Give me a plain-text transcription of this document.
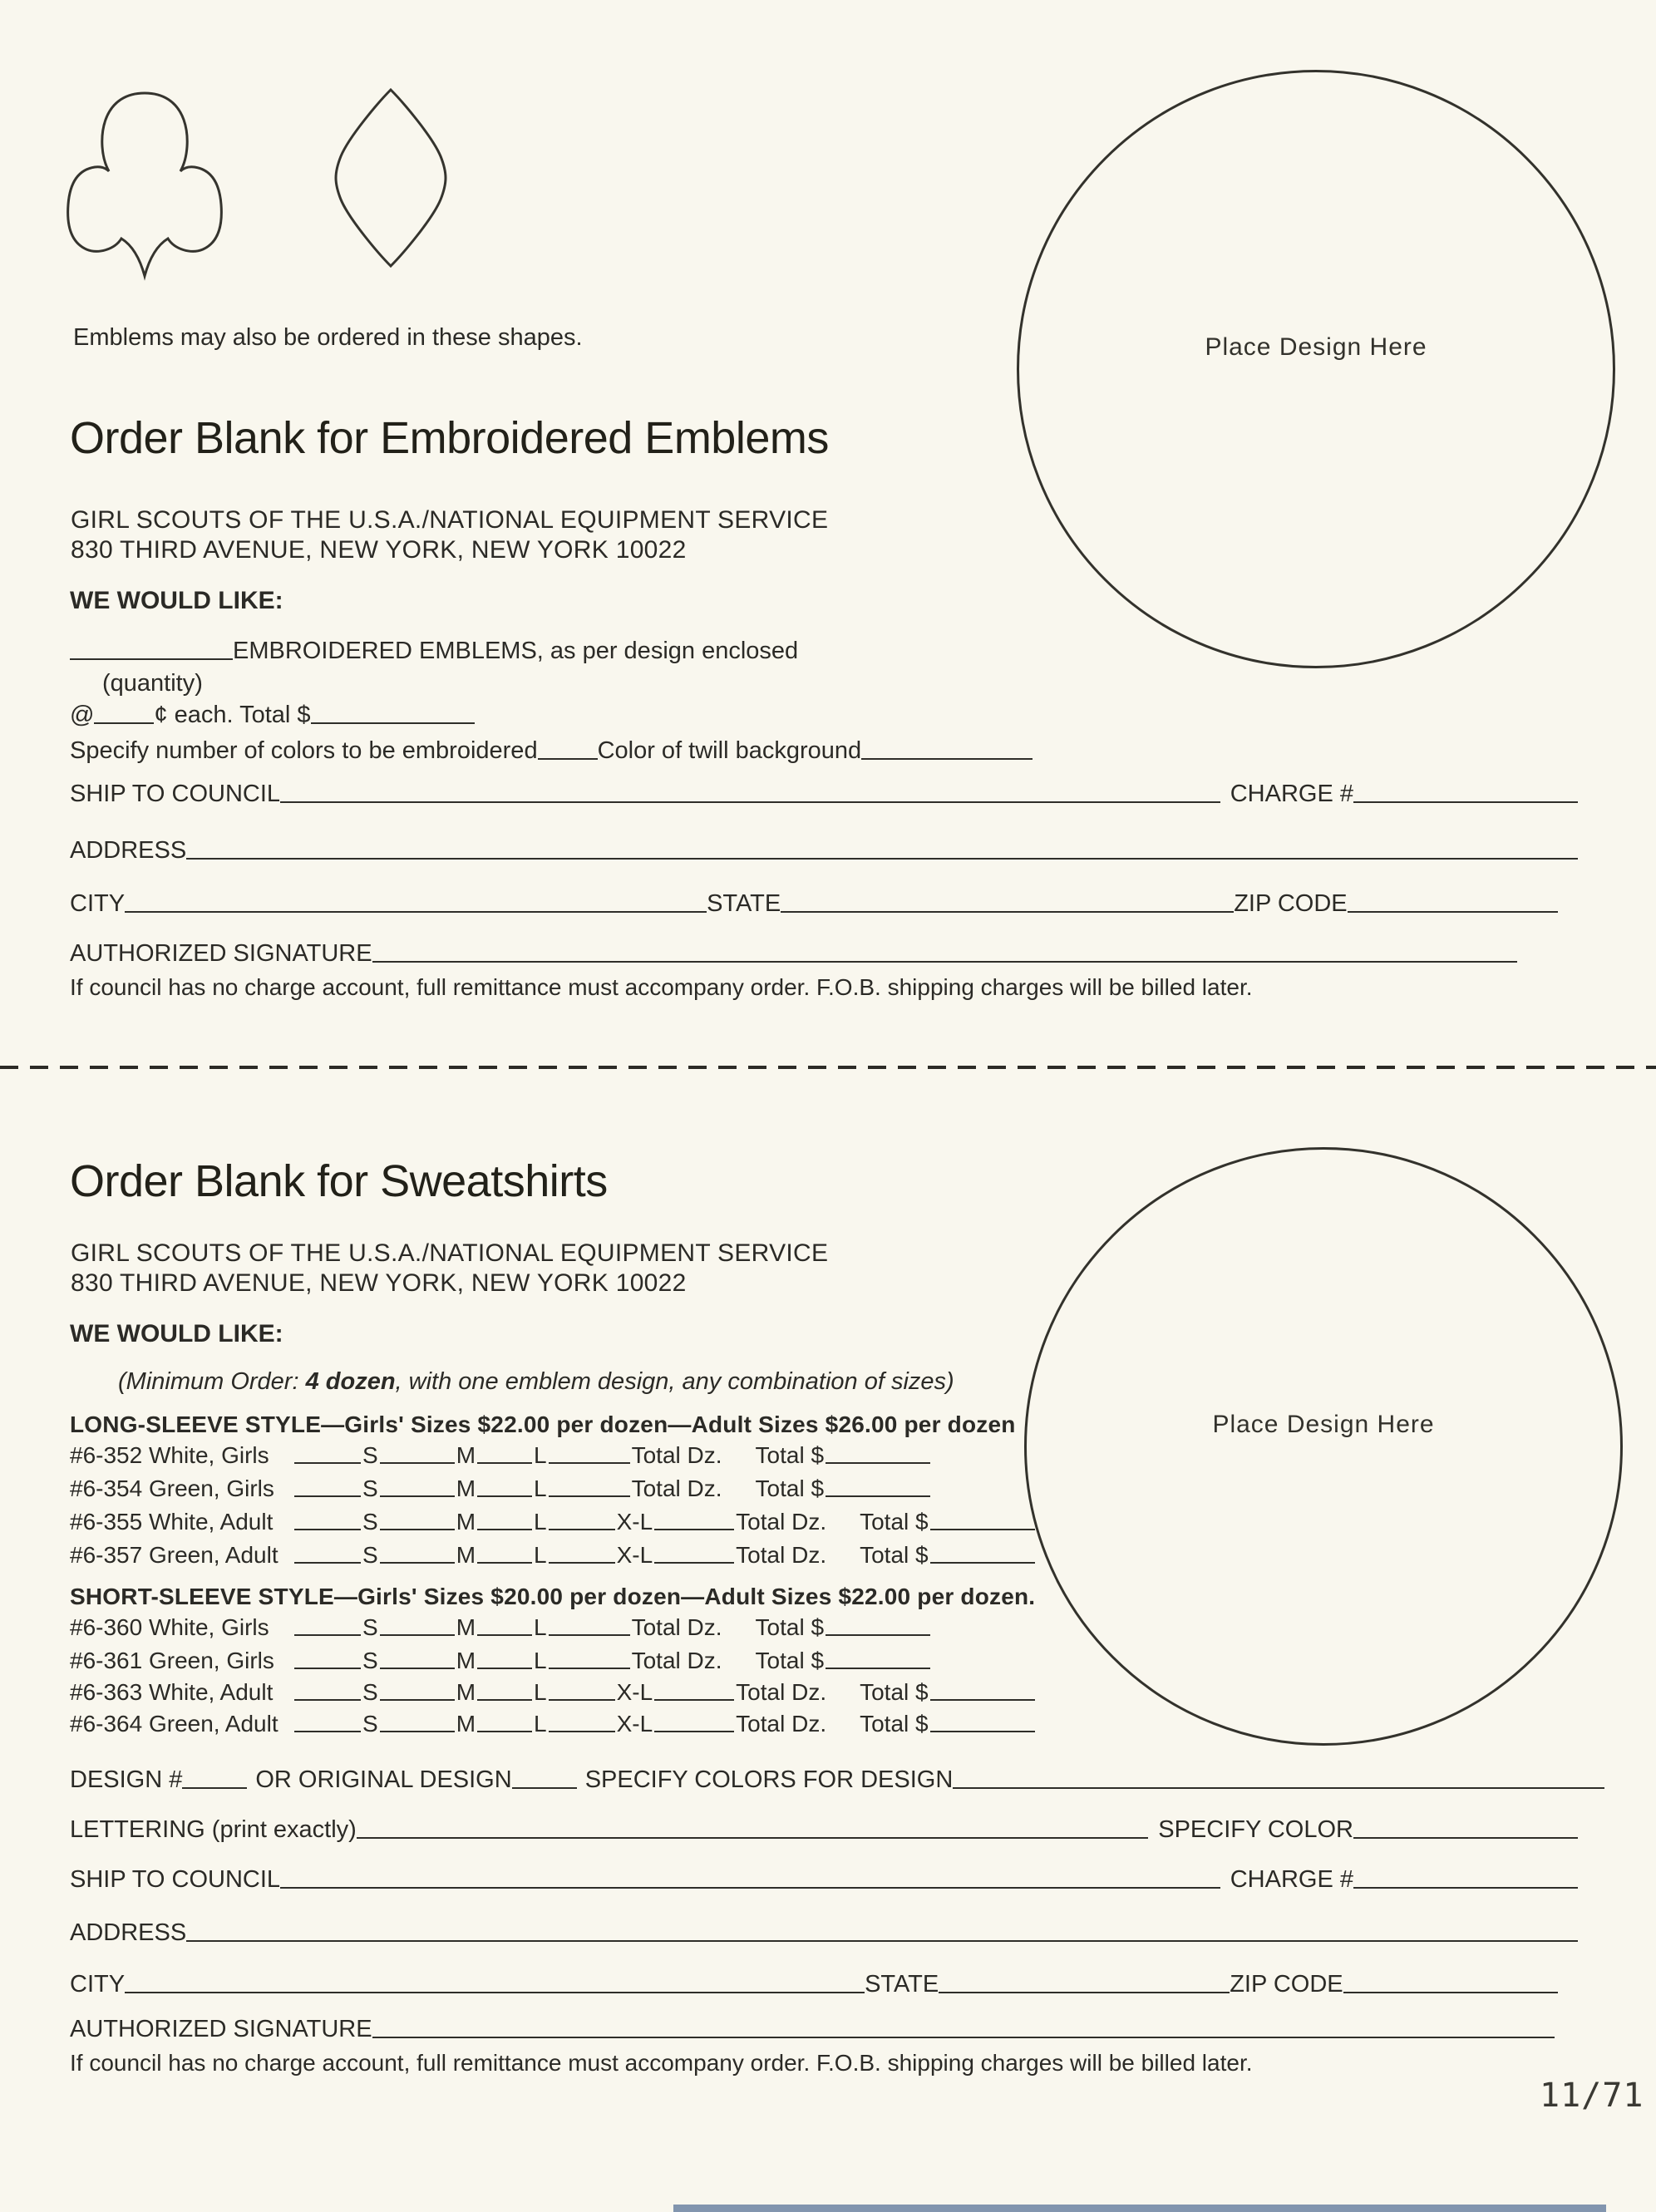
Emblems may also be ordered in these shapes.	Place Design Here
Order Blank for Embroidered Emblems
GIRL SCOUTS OF THE U.S.A./NATIONAL EQUIPMENT SERVICE
830 THIRD AVENUE, NEW YORK, NEW YORK 10022
WE WOULD LIKE:
EMBROIDERED EMBLEMS, as per design enclosed
(quantity)
@ ¢ each. Total $
Specify number of colors to be embroidered Color of twill background
SHIP TO COUNCIL	CHARGE #
ADDRESS
CITY	STATE	ZIP CODE
AUTHORIZED SIGNATURE
If council has no charge account, full remittance must accompany order. F.O.B. shipping charges will be billed later.
Order Blank for Sweatshirts
GIRL SCOUTS OF THE U.S.A./NATIONAL EQUIPMENT SERVICE
830 THIRD AVENUE, NEW YORK, NEW YORK 10022
WE WOULD LIKE:
(Minimum Order: 4 dozen, with one emblem design, any combination of sizes)
Place Design Here
LONG-SLEEVE STYLE—Girls' Sizes $22.00 per dozen—Adult Sizes $26.00 per dozen
#6-352 White, Girls	S	M	L	Total Dz. Total $
#6-354 Green, Girls	S	M	L	Total Dz. Total $
#6-355 White, Adult	S	M	L	X-L	Total Dz. Total $
#6-357 Green, Adult	S	M	L	X-L	Total Dz. Total $
SHORT-SLEEVE STYLE—Girls' Sizes $20.00 per dozen—Adult Sizes $22.00 per dozen.
#6-360 White, Girls	S	M	L	Total Dz. Total $
#6-361 Green, Girls	S	M	L	Total Dz. Total $
#6-363 White, Adult	S	M	L	X-L	Total Dz. Total $
#6-364 Green, Adult	S	M	L	X-L	Total Dz. Total $
DESIGN #	OR ORIGINAL DESIGN	SPECIFY COLORS FOR DESIGN
LETTERING (print exactly)	SPECIFY COLOR
SHIP TO COUNCIL	CHARGE #
ADDRESS
CITY	STATE	ZIP CODE
AUTHORIZED SIGNATURE
If council has no charge account, full remittance must accompany order. F.O.B. shipping charges will be billed later.
11/71
